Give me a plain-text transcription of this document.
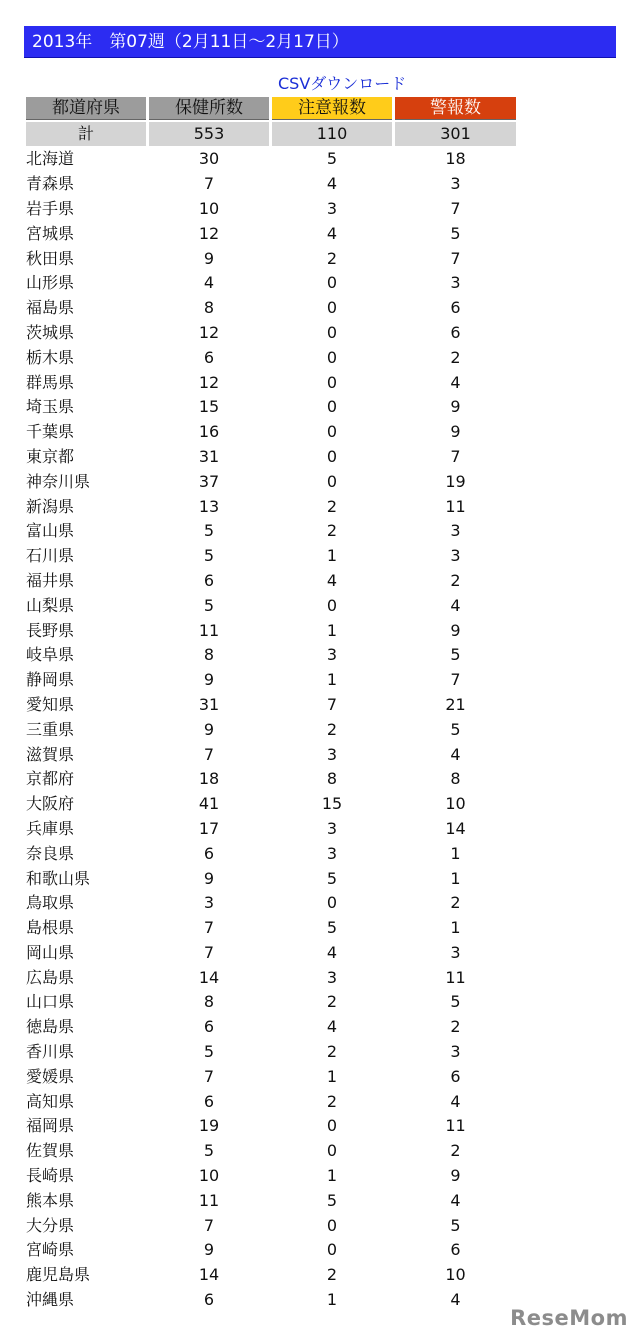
2013年　第07週（2月11日〜2月17日）
CSVダウンロード
都道府県	保健所数	注意報数	警報数
計	553	110	301
北海道	30	5	18
青森県	7	4	3
岩手県	10	3	7
宮城県	12	4	5
秋田県	9	2	7
山形県	4	0	3
福島県	8	0	6
茨城県	12	0	6
栃木県	6	0	2
群馬県	12	0	4
埼玉県	15	0	9
千葉県	16	0	9
東京都	31	0	7
神奈川県	37	0	19
新潟県	13	2	11
富山県	5	2	3
石川県	5	1	3
福井県	6	4	2
山梨県	5	0	4
長野県	11	1	9
岐阜県	8	3	5
静岡県	9	1	7
愛知県	31	7	21
三重県	9	2	5
滋賀県	7	3	4
京都府	18	8	8
大阪府	41	15	10
兵庫県	17	3	14
奈良県	6	3	1
和歌山県	9	5	1
鳥取県	3	0	2
島根県	7	5	1
岡山県	7	4	3
広島県	14	3	11
山口県	8	2	5
徳島県	6	4	2
香川県	5	2	3
愛媛県	7	1	6
高知県	6	2	4
福岡県	19	0	11
佐賀県	5	0	2
長崎県	10	1	9
熊本県	11	5	4
大分県	7	0	5
宮崎県	9	0	6
鹿児島県	14	2	10
沖縄県	6	1	4
ReseMom
